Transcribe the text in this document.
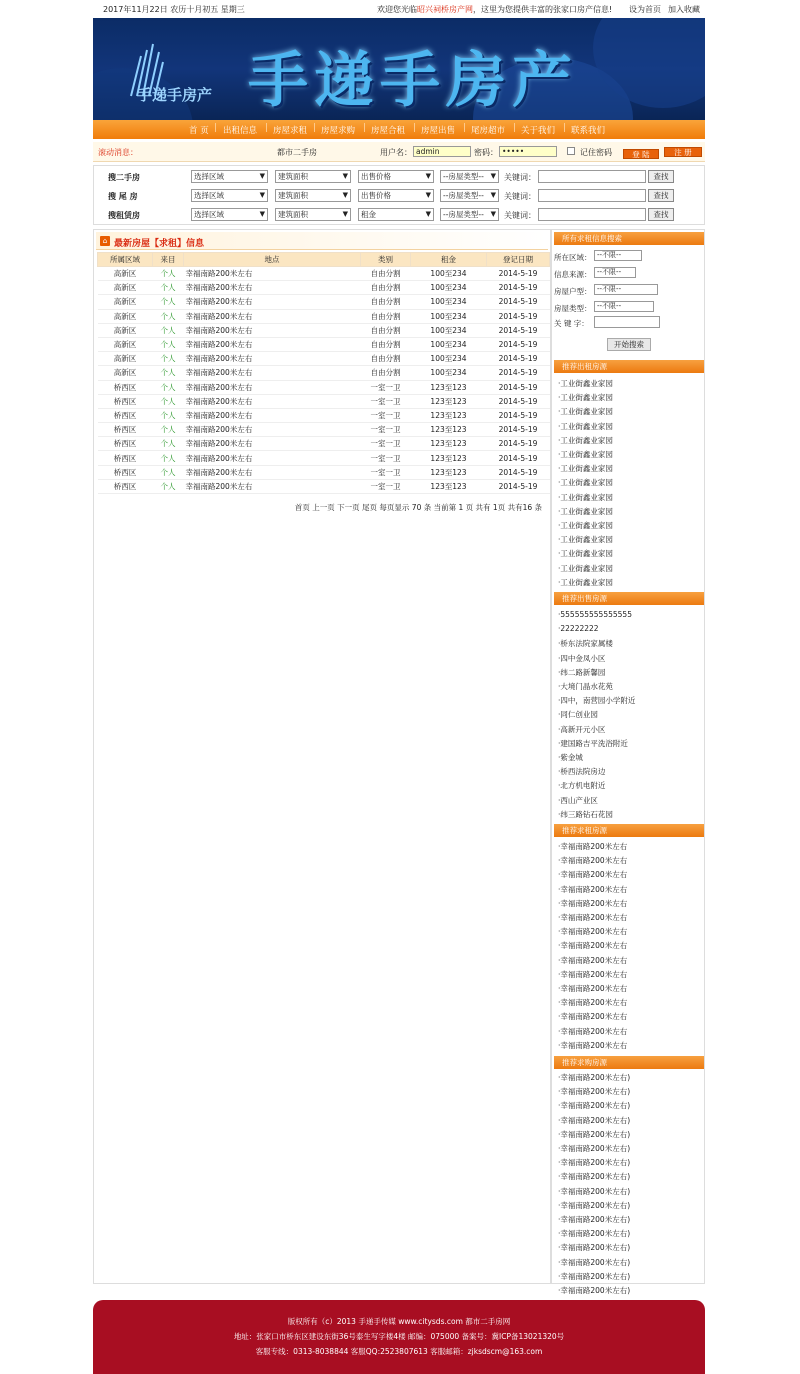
2017年11月22日 农历十月初五 星期三	欢迎您光临昭兴祠桥房产网，这里为您提供丰富的张家口房产信息! 设为首页 加入收藏
手递手房产 手递手房产
首 页 | 出租信息 | 房屋求租 | 房屋求购 | 房屋合租 | 房屋出售 | 尾房超市 | 关于我们 | 联系我们
滚动消息：	都市二手房	用户名： admin	密码： •••••	记住密码	登 陆	注 册
搜二手房	选择区域	▼	建筑面积	▼	出售价格	▼	--房屋类型-- ▼ 关键词：	查找
搜 尾 房	选择区域	▼	建筑面积	▼	出售价格	▼	--房屋类型-- ▼ 关键词：	查找
搜租赁房	选择区域	▼	建筑面积	▼	租金	▼	--房屋类型-- ▼ 关键词：	查找
⌂ 最新房屋【求租】信息
所属区域	来目	地点	类别	租金	登记日期
高新区	个人	幸福南路200米左右	自由分割	100至234	2014-5-19
高新区	个人	幸福南路200米左右	自由分割	100至234	2014-5-19
高新区	个人	幸福南路200米左右	自由分割	100至234	2014-5-19
高新区	个人	幸福南路200米左右	自由分割	100至234	2014-5-19
高新区	个人	幸福南路200米左右	自由分割	100至234	2014-5-19
高新区	个人	幸福南路200米左右	自由分割	100至234	2014-5-19
高新区	个人	幸福南路200米左右	自由分割	100至234	2014-5-19
高新区	个人	幸福南路200米左右	自由分割	100至234	2014-5-19
桥西区	个人	幸福南路200米左右	一室一卫	123至123	2014-5-19
桥西区	个人	幸福南路200米左右	一室一卫	123至123	2014-5-19
桥西区	个人	幸福南路200米左右	一室一卫	123至123	2014-5-19
桥西区	个人	幸福南路200米左右	一室一卫	123至123	2014-5-19
桥西区	个人	幸福南路200米左右	一室一卫	123至123	2014-5-19
桥西区	个人	幸福南路200米左右	一室一卫	123至123	2014-5-19
桥西区	个人	幸福南路200米左右	一室一卫	123至123	2014-5-19
桥西区	个人	幸福南路200米左右	一室一卫	123至123	2014-5-19
首页 上一页 下一页 尾页 每页显示 70 条 当前第 1 页 共有 1页 共有16 条
所有求租信息搜索
所在区域： --不限--
信息来源： --不限--
房屋户型： --不限--
房屋类型： --不限--
关 键 字：
开始搜索
推荐出租房源
·工业街鑫业家园
·工业街鑫业家园
·工业街鑫业家园
·工业街鑫业家园
·工业街鑫业家园
·工业街鑫业家园
·工业街鑫业家园
·工业街鑫业家园
·工业街鑫业家园
·工业街鑫业家园
·工业街鑫业家园
·工业街鑫业家园
·工业街鑫业家园
·工业街鑫业家园
·工业街鑫业家园
推荐出售房源
·555555555555555
·22222222
·桥东法院家属楼
·四中金凤小区
·纬二路新馨园
·大境门晶水花苑
·四中，南营园小学附近
·同仁创业园
·高新开元小区
·建国路吉平洗浴附近
·紫金城
·桥西法院房边
·北方机电附近
·西山产业区
·纬三路钻石花园
推荐求租房源
·幸福南路200米左右
·幸福南路200米左右
·幸福南路200米左右
·幸福南路200米左右
·幸福南路200米左右
·幸福南路200米左右
·幸福南路200米左右
·幸福南路200米左右
·幸福南路200米左右
·幸福南路200米左右
·幸福南路200米左右
·幸福南路200米左右
·幸福南路200米左右
·幸福南路200米左右
·幸福南路200米左右
推荐求购房源
·幸福南路200米左右)
·幸福南路200米左右)
·幸福南路200米左右)
·幸福南路200米左右)
·幸福南路200米左右)
·幸福南路200米左右)
·幸福南路200米左右)
·幸福南路200米左右)
·幸福南路200米左右)
·幸福南路200米左右)
·幸福南路200米左右)
·幸福南路200米左右)
·幸福南路200米左右)
·幸福南路200米左右)
·幸福南路200米左右)
·幸福南路200米左右)
版权所有（c）2013 手递手传媒 www.citysds.com 都市二手房网
地址：张家口市桥东区建设东街36号泰生写字楼4楼 邮编：075000 备案号：冀ICP备13021320号
客服专线：0313-8038844 客服QQ:2523807613 客服邮箱：zjksdscm@163.com
